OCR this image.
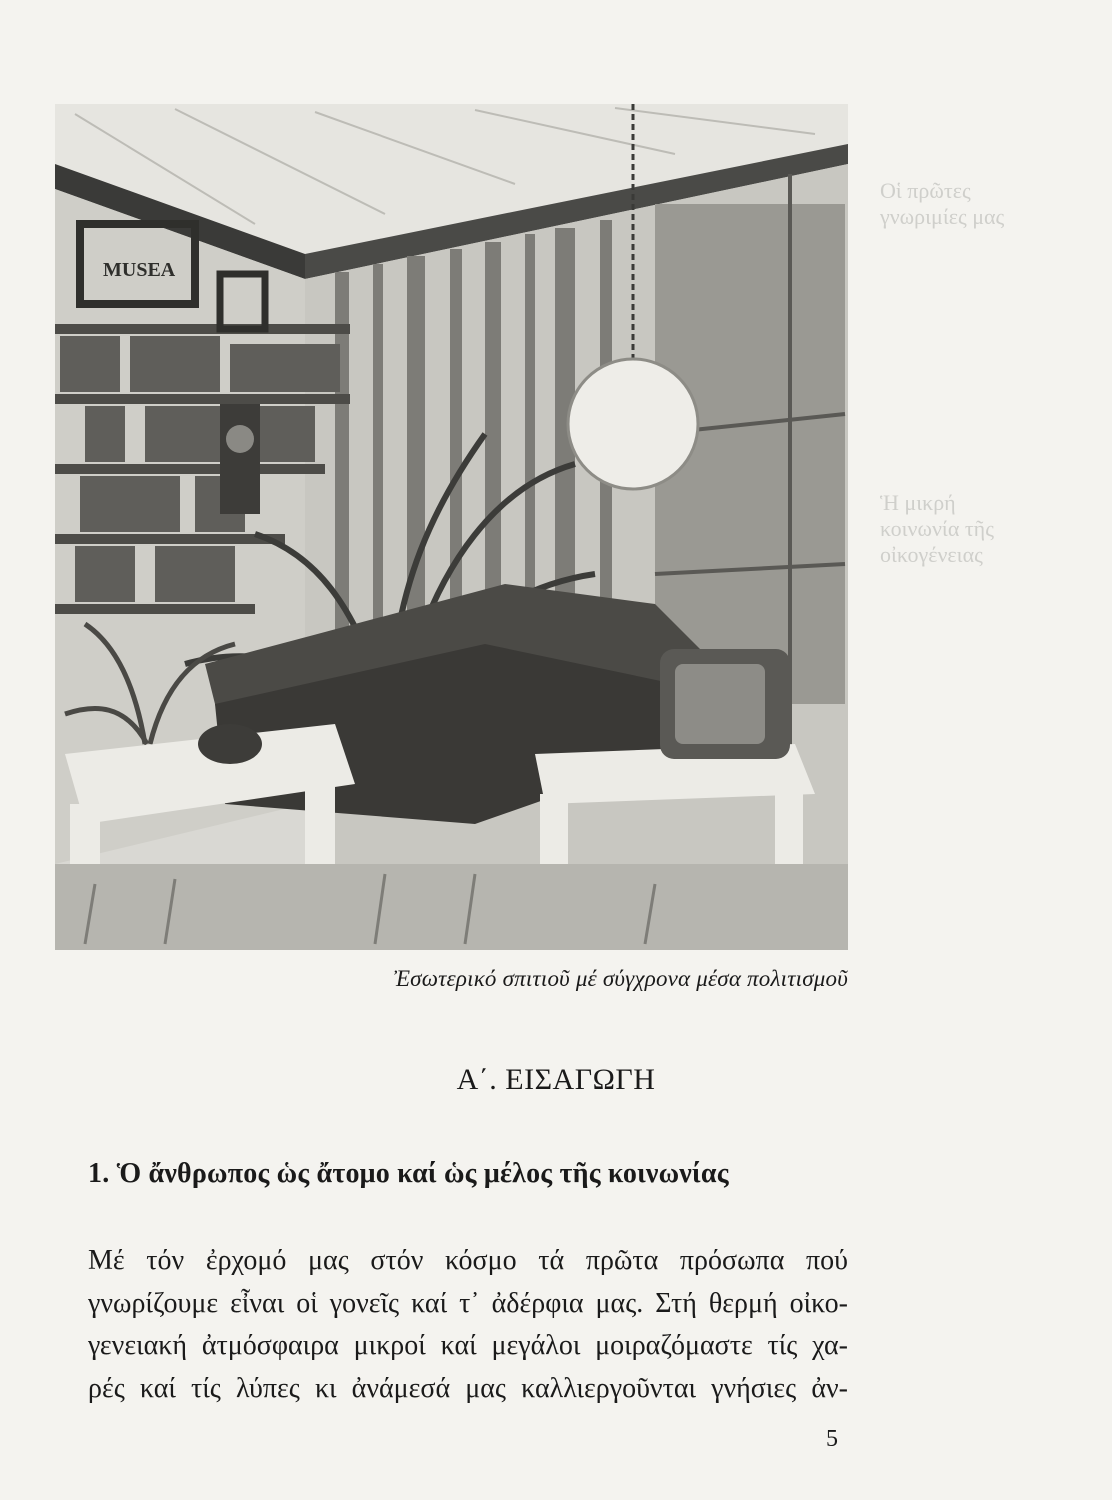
Οἱ πρῶτες
γνωριμίες μας
Ἡ μικρή
κοινωνία τῆς
οἰκογένειας
MUSEA
Ἐσωτερικό σπιτιοῦ μέ σύγχρονα μέσα πολιτισμοῦ
Α΄. ΕΙΣΑΓΩΓΗ
1. Ὁ ἄνθρωπος ὡς ἄτομο καί ὡς μέλος τῆς κοινωνίας
Μέ τόν ἐρχομό μας στόν κόσμο τά πρῶτα πρόσωπα πού
γνωρίζουμε εἶναι οἱ γονεῖς καί τ᾽ ἀδέρφια μας. Στή θερμή οἰκο-
γενειακή ἀτμόσφαιρα μικροί καί μεγάλοι μοιραζόμαστε τίς χα-
ρές καί τίς λύπες κι ἀνάμεσά μας καλλιεργοῦνται γνήσιες ἀν-
5
